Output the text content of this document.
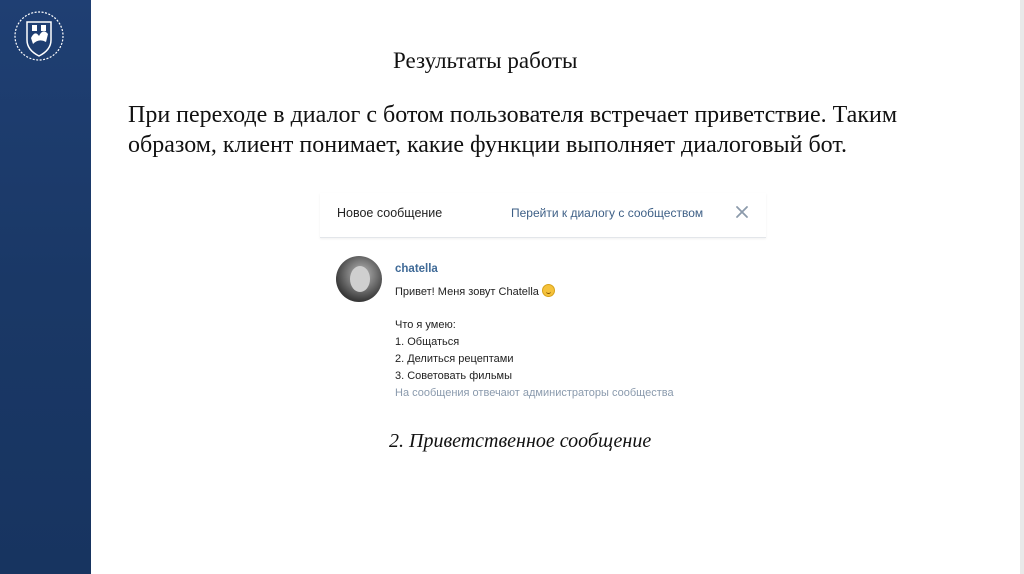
Результаты работы
При переходе в диалог с ботом пользователя встречает приветствие. Таким образом, клиент понимает, какие функции выполняет диалоговый бот.
Новое сообщение	Перейти к диалогу с сообществом
chatella
Привет! Меня зовут Chatella
Что я умею:
1. Общаться
2. Делиться рецептами
3. Советовать фильмы
На сообщения отвечают администраторы сообщества
2. Приветственное сообщение
